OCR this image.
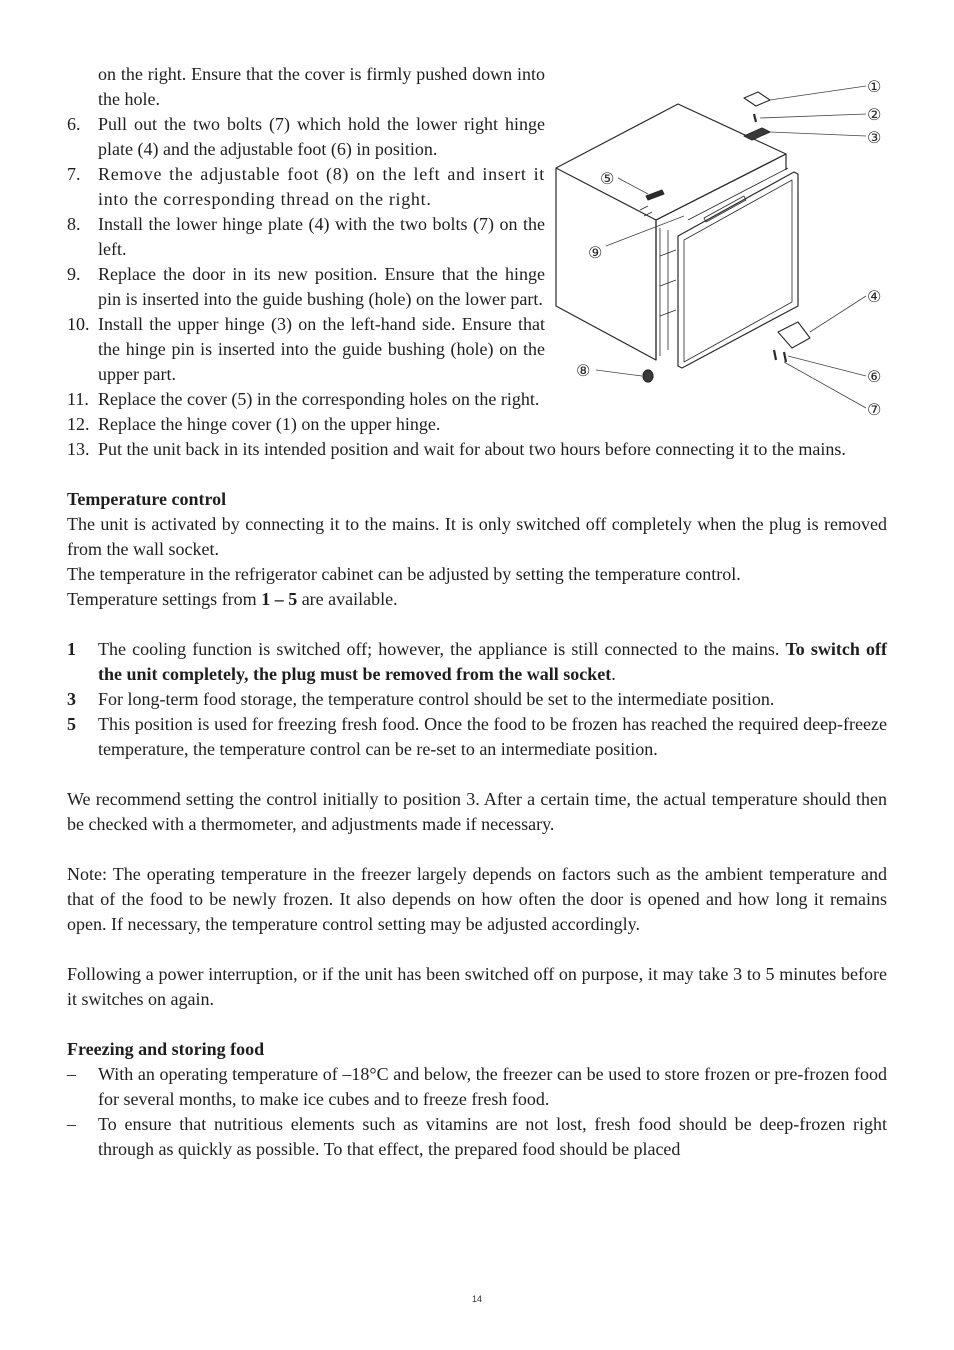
on the right. Ensure that the cover is firmly pushed down into the hole.

6. Pull out the two bolts (7) which hold the lower right hinge plate (4) and the adjustable foot (6) in position.
7. Remove the adjustable foot (8) on the left and insert it into the corresponding thread on the right.
8. Install the lower hinge plate (4) with the two bolts (7) on the left.
9. Replace the door in its new position. Ensure that the hinge pin is inserted into the guide bushing (hole) on the lower part.
10. Install the upper hinge (3) on the left-hand side. Ensure that the hinge pin is inserted into the guide bushing (hole) on the upper part.
11. Replace the cover (5) in the corresponding holes on the right.
12. Replace the hinge cover (1) on the upper hinge.
13. Put the unit back in its intended position and wait for about two hours before connecting it to the mains.
Temperature control

The unit is activated by connecting it to the mains. It is only switched off completely when the plug is removed from the wall socket.

The temperature in the refrigerator cabinet can be adjusted by setting the temperature control.

Temperature settings from 1 – 5 are available.

1	The cooling function is switched off; however, the appliance is still connected to the mains. To switch off the unit completely, the plug must be removed from the wall socket.
3	For long-term food storage, the temperature control should be set to the intermediate position.
5	This position is used for freezing fresh food. Once the food to be frozen has reached the required deep-freeze temperature, the temperature control can be re-set to an intermediate position.

We recommend setting the control initially to position 3. After a certain time, the actual temperature should then be checked with a thermometer, and adjustments made if necessary.

Note: The operating temperature in the freezer largely depends on factors such as the ambient temperature and that of the food to be newly frozen. It also depends on how often the door is opened and how long it remains open. If necessary, the temperature control setting may be adjusted accordingly.

Following a power interruption, or if the unit has been switched off on purpose, it may take 3 to 5 minutes before it switches on again.

Freezing and storing food
–	With an operating temperature of –18°C and below, the freezer can be used to store frozen or pre-frozen food for several months, to make ice cubes and to freeze fresh food.
–	To ensure that nutritious elements such as vitamins are not lost, fresh food should be deep-frozen right through as quickly as possible. To that effect, the prepared food should be placed
①
②
③
④
⑤
⑥
⑦
⑧
⑨
14
